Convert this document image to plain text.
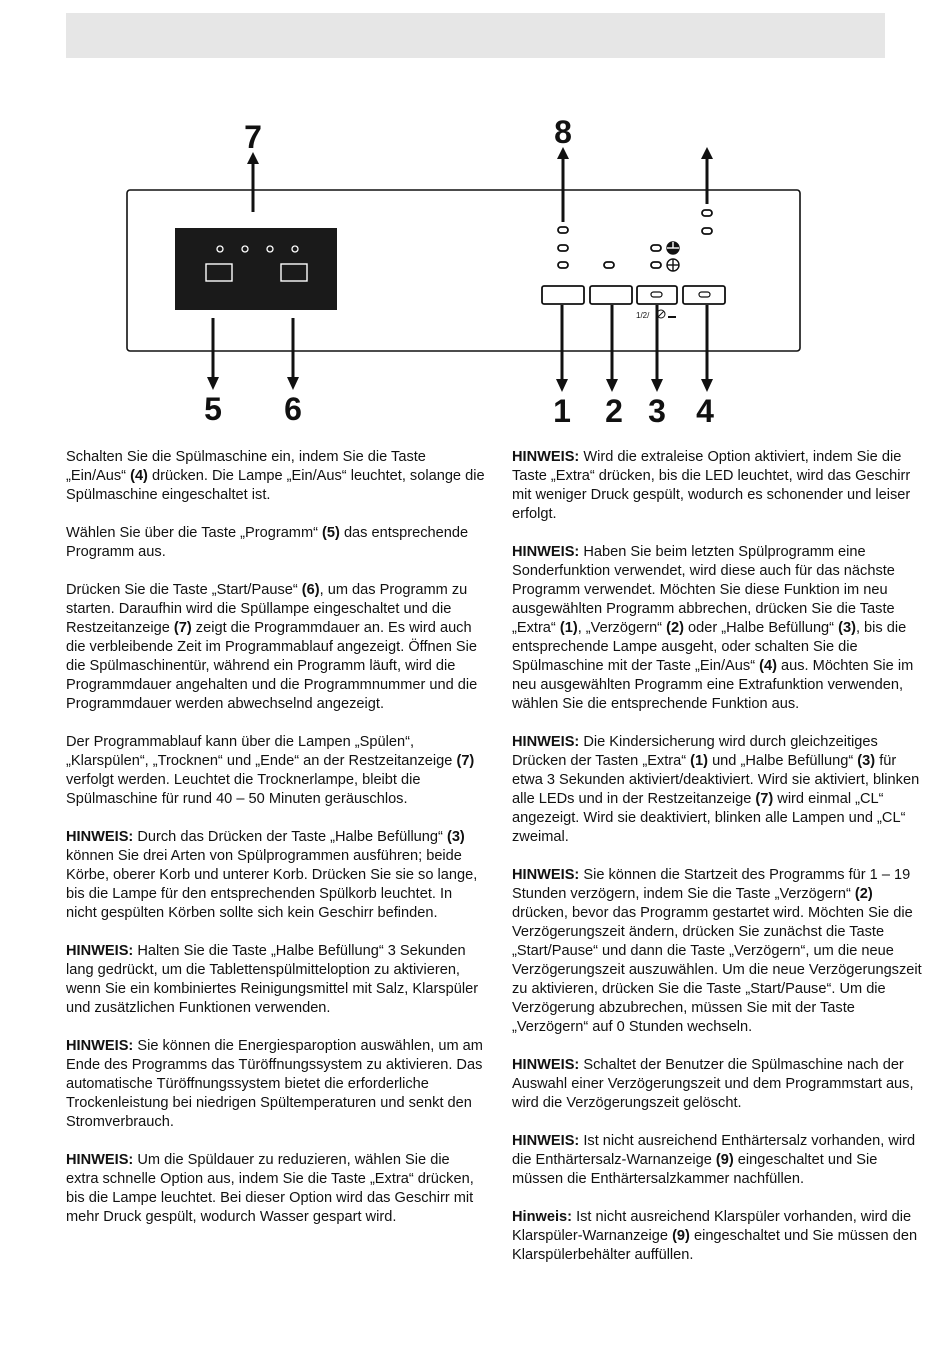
1/2/
7	8
5 6	1 2 3 4

Schalten Sie die Spülmaschine ein, indem Sie die Taste „Ein/Aus“ (4) drücken. Die Lampe „Ein/Aus“ leuchtet, solange die Spülmaschine eingeschaltet ist.

Wählen Sie über die Taste „Programm“ (5) das entsprechende Programm aus.

Drücken Sie die Taste „Start/Pause“ (6), um das Programm zu starten. Daraufhin wird die Spüllampe eingeschaltet und die Restzeitanzeige (7) zeigt die Programmdauer an. Es wird auch die verbleibende Zeit im Programmablauf angezeigt. Öffnen Sie die Spülmaschinentür, während ein Programm läuft, wird die Programmdauer angehalten und die Programmnummer und die Programmdauer werden abwechselnd angezeigt.

Der Programmablauf kann über die Lampen „Spülen“, „Klarspülen“, „Trocknen“ und „Ende“ an der Restzeitanzeige (7) verfolgt werden. Leuchtet die Trocknerlampe, bleibt die Spülmaschine für rund 40 – 50 Minuten geräuschlos.

HINWEIS: Durch das Drücken der Taste „Halbe Befüllung“ (3) können Sie drei Arten von Spülprogrammen ausführen; beide Körbe, oberer Korb und unterer Korb. Drücken Sie sie so lange, bis die Lampe für den entsprechenden Spülkorb leuchtet. In nicht gespülten Körben sollte sich kein Geschirr befinden.

HINWEIS: Halten Sie die Taste „Halbe Befüllung“ 3 Sekunden lang gedrückt, um die Tablettenspülmitteloption zu aktivieren, wenn Sie ein kombiniertes Reinigungsmittel mit Salz, Klarspüler und zusätzlichen Funktionen verwenden.

HINWEIS: Sie können die Energiesparoption auswählen, um am Ende des Programms das Türöffnungssystem zu aktivieren. Das automatische Türöffnungssystem bietet die erforderliche Trockenleistung bei niedrigen Spültemperaturen und senkt den Stromverbrauch.

HINWEIS: Um die Spüldauer zu reduzieren, wählen Sie die extra schnelle Option aus, indem Sie die Taste „Extra“ drücken, bis die Lampe leuchtet. Bei dieser Option wird das Geschirr mit mehr Druck gespült, wodurch Wasser gespart wird.

HINWEIS: Wird die extraleise Option aktiviert, indem Sie die Taste „Extra“ drücken, bis die LED leuchtet, wird das Geschirr mit weniger Druck gespült, wodurch es schonender und leiser erfolgt.

HINWEIS: Haben Sie beim letzten Spülprogramm eine Sonderfunktion verwendet, wird diese auch für das nächste Programm verwendet. Möchten Sie diese Funktion im neu ausgewählten Programm abbrechen, drücken Sie die Taste „Extra“ (1), „Verzögern“ (2) oder „Halbe Befüllung“ (3), bis die entsprechende Lampe ausgeht, oder schalten Sie die Spülmaschine mit der Taste „Ein/Aus“ (4) aus. Möchten Sie im neu ausgewählten Programm eine Extrafunktion verwenden, wählen Sie die entsprechende Funktion aus.

HINWEIS: Die Kindersicherung wird durch gleichzeitiges Drücken der Tasten „Extra“ (1) und „Halbe Befüllung“ (3) für etwa 3 Sekunden aktiviert/deaktiviert. Wird sie aktiviert, blinken alle LEDs und in der Restzeitanzeige (7) wird einmal „CL“ angezeigt. Wird sie deaktiviert, blinken alle Lampen und „CL“ zweimal.

HINWEIS: Sie können die Startzeit des Programms für 1 – 19 Stunden verzögern, indem Sie die Taste „Verzögern“ (2) drücken, bevor das Programm gestartet wird. Möchten Sie die Verzögerungszeit ändern, drücken Sie zunächst die Taste „Start/Pause“ und dann die Taste „Verzögern“, um die neue Verzögerungszeit auszuwählen. Um die neue Verzögerungszeit zu aktivieren, drücken Sie die Taste „Start/Pause“. Um die Verzögerung abzubrechen, müssen Sie mit der Taste „Verzögern“ auf 0 Stunden wechseln.

HINWEIS: Schaltet der Benutzer die Spülmaschine nach der Auswahl einer Verzögerungszeit und dem Programmstart aus, wird die Verzögerungszeit gelöscht.

HINWEIS: Ist nicht ausreichend Enthärtersalz vorhanden, wird die Enthärtersalz-Warnanzeige (9) eingeschaltet und Sie müssen die Enthärtersalzkammer nachfüllen.

Hinweis: Ist nicht ausreichend Klarspüler vorhanden, wird die Klarspüler-Warnanzeige (9) eingeschaltet und Sie müssen den Klarspülerbehälter auffüllen.
